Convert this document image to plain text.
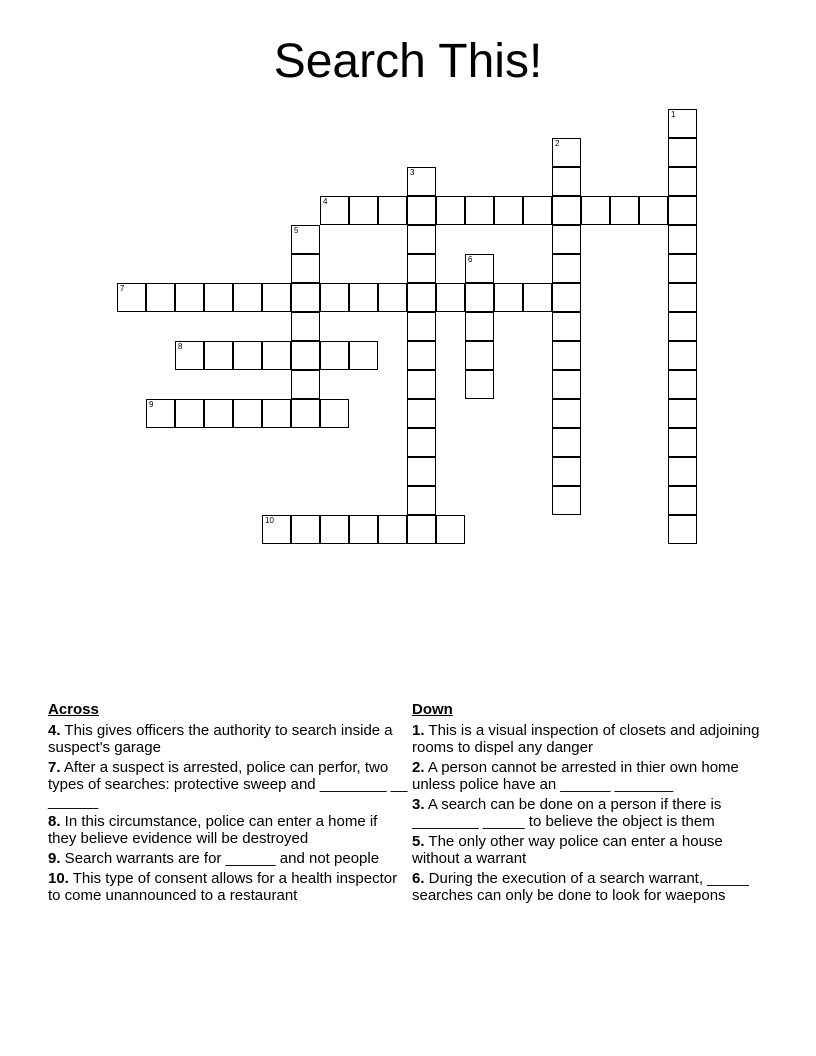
Search This!
1
2
3
4
5
6
7
8
9
10
Across
4. This gives officers the authority to search inside a suspect's garage
7. After a suspect is arrested, police can perfor, two types of searches: protective sweep and ________ __ ______
8. In this circumstance, police can enter a home if they believe evidence will be destroyed
9. Search warrants are for ______ and not people
10. This type of consent allows for a health inspector to come unannounced to a restaurant
Down
1. This is a visual inspection of closets and adjoining rooms to dispel any danger
2. A person cannot be arrested in thier own home unless police have an ______ _______
3. A search can be done on a person if there is ________ _____ to believe the object is them
5. The only other way police can enter a house without a warrant
6. During the execution of a search warrant, _____ searches can only be done to look for waepons
